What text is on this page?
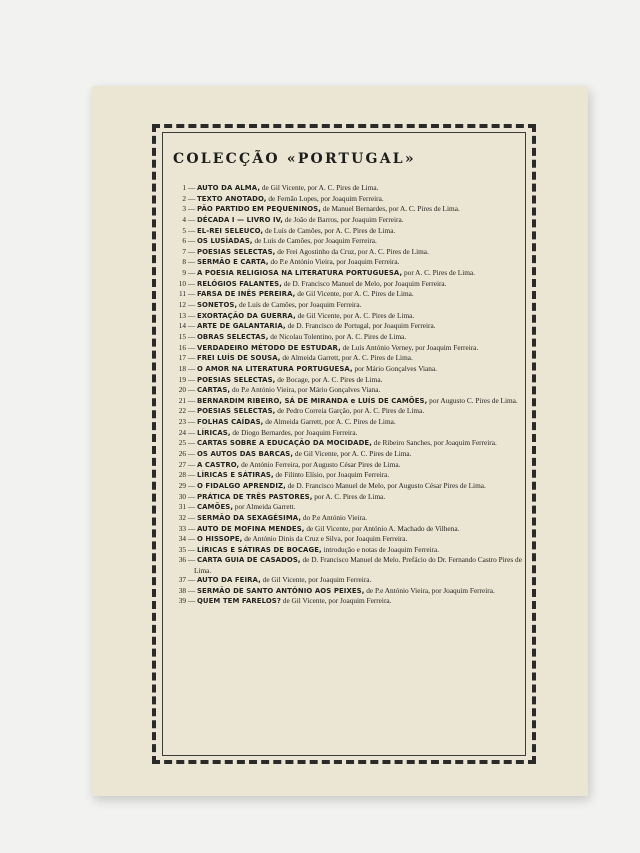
COLECÇÃO «PORTUGAL»
1 — AUTO DA ALMA, de Gil Vicente, por A. C. Pires de Lima.
2 — TEXTO ANOTADO, de Fernão Lopes, por Joaquim Ferreira.
3 — PÃO PARTIDO EM PEQUENINOS, de Manuel Bernardes, por A. C. Pires de Lima.
4 — DÉCADA I — LIVRO IV, de João de Barros, por Joaquim Ferreira.
5 — EL-REI SELEUCO, de Luís de Camões, por A. C. Pires de Lima.
6 — OS LUSÍADAS, de Luís de Camões, por Joaquim Ferreira.
7 — POESIAS SELECTAS, de Frei Agostinho da Cruz, por A. C. Pires de Lima.
8 — SERMÃO E CARTA, do P.e António Vieira, por Joaquim Ferreira.
9 — A POESIA RELIGIOSA NA LITERATURA PORTUGUESA, por A. C. Pires de Lima.
10 — RELÓGIOS FALANTES, de D. Francisco Manuel de Melo, por Joaquim Ferreira.
11 — FARSA DE INÊS PEREIRA, de Gil Vicente, por A. C. Pires de Lima.
12 — SONETOS, de Luís de Camões, por Joaquim Ferreira.
13 — EXORTAÇÃO DA GUERRA, de Gil Vicente, por A. C. Pires de Lima.
14 — ARTE DE GALANTARIA, de D. Francisco de Portugal, por Joaquim Ferreira.
15 — OBRAS SELECTAS, de Nicolau Tolentino, por A. C. Pires de Lima.
16 — VERDADEIRO MÉTODO DE ESTUDAR, de Luís António Verney, por Joaquim Ferreira.
17 — FREI LUÍS DE SOUSA, de Almeida Garrett, por A. C. Pires de Lima.
18 — O AMOR NA LITERATURA PORTUGUESA, por Mário Gonçalves Viana.
19 — POESIAS SELECTAS, de Bocage, por A. C. Pires de Lima.
20 — CARTAS, do P.e António Vieira, por Mário Gonçalves Viana.
21 — BERNARDIM RIBEIRO, SÁ DE MIRANDA e LUÍS DE CAMÕES, por Augusto C. Pires de Lima.
22 — POESIAS SELECTAS, de Pedro Correia Garção, por A. C. Pires de Lima.
23 — FOLHAS CAÍDAS, de Almeida Garrett, por A. C. Pires de Lima.
24 — LÍRICAS, de Diogo Bernardes, por Joaquim Ferreira.
25 — CARTAS SOBRE A EDUCAÇÃO DA MOCIDADE, de Ribeiro Sanches, por Joaquim Ferreira.
26 — OS AUTOS DAS BARCAS, de Gil Vicente, por A. C. Pires de Lima.
27 — A CASTRO, de António Ferreira, por Augusto César Pires de Lima.
28 — LÍRICAS E SÁTIRAS, de Filinto Elísio, por Joaquim Ferreira.
29 — O FIDALGO APRENDIZ, de D. Francisco Manuel de Melo, por Augusto César Pires de Lima.
30 — PRÁTICA DE TRÊS PASTORES, por A. C. Pires de Lima.
31 — CAMÕES, por Almeida Garrett.
32 — SERMÃO DA SEXAGÉSIMA, do P.e António Vieira.
33 — AUTO DE MOFINA MENDES, de Gil Vicente, por António A. Machado de Vilhena.
34 — O HISSOPE, de António Dinis da Cruz e Silva, por Joaquim Ferreira.
35 — LÍRICAS E SÁTIRAS DE BOCAGE, introdução e notas de Joaquim Ferreira.
36 — CARTA GUIA DE CASADOS, de D. Francisco Manuel de Melo. Prefácio do Dr. Fernando Castro Pires de Lima.
37 — AUTO DA FEIRA, de Gil Vicente, por Joaquim Ferreira.
38 — SERMÃO DE SANTO ANTÓNIO AOS PEIXES, de P.e António Vieira, por Joaquim Ferreira.
39 — QUEM TEM FARELOS? de Gil Vicente, por Joaquim Ferreira.
